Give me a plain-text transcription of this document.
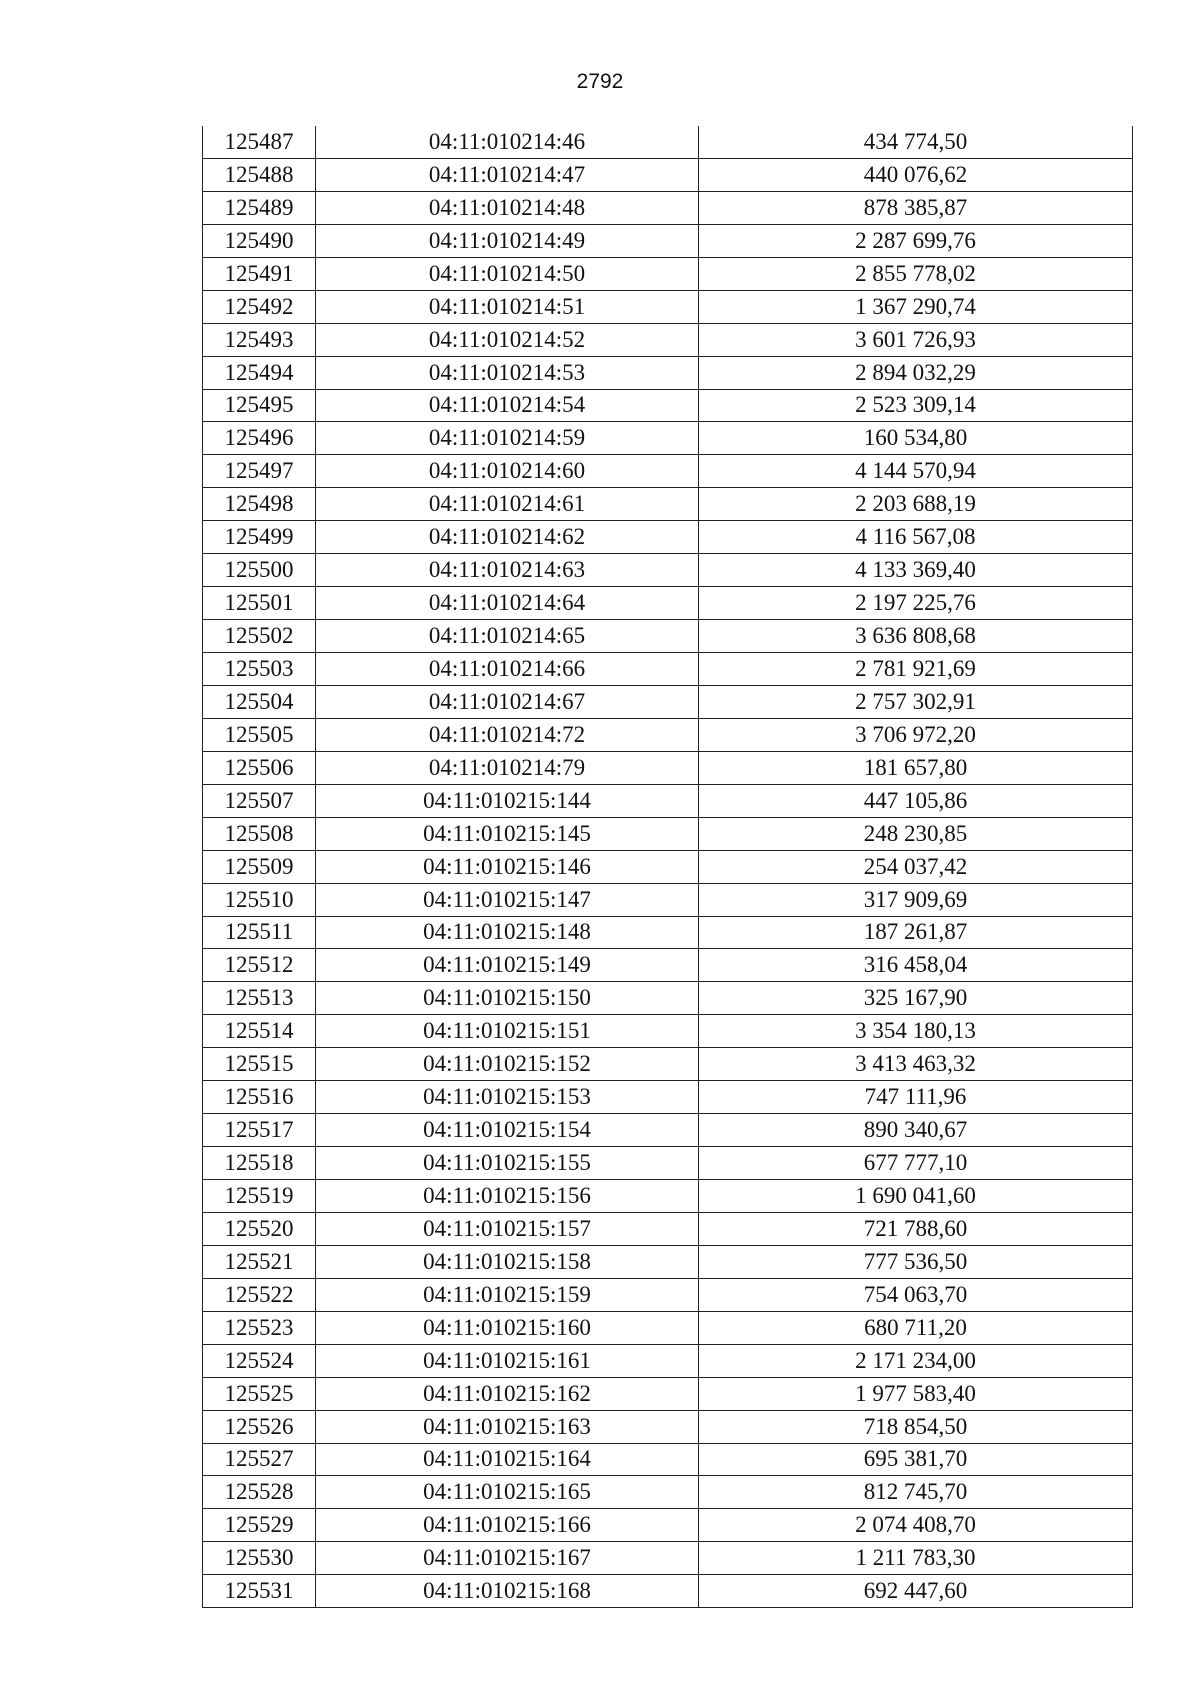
2792
125487	04:11:010214:46	434 774,50
125488	04:11:010214:47	440 076,62
125489	04:11:010214:48	878 385,87
125490	04:11:010214:49	2 287 699,76
125491	04:11:010214:50	2 855 778,02
125492	04:11:010214:51	1 367 290,74
125493	04:11:010214:52	3 601 726,93
125494	04:11:010214:53	2 894 032,29
125495	04:11:010214:54	2 523 309,14
125496	04:11:010214:59	160 534,80
125497	04:11:010214:60	4 144 570,94
125498	04:11:010214:61	2 203 688,19
125499	04:11:010214:62	4 116 567,08
125500	04:11:010214:63	4 133 369,40
125501	04:11:010214:64	2 197 225,76
125502	04:11:010214:65	3 636 808,68
125503	04:11:010214:66	2 781 921,69
125504	04:11:010214:67	2 757 302,91
125505	04:11:010214:72	3 706 972,20
125506	04:11:010214:79	181 657,80
125507	04:11:010215:144	447 105,86
125508	04:11:010215:145	248 230,85
125509	04:11:010215:146	254 037,42
125510	04:11:010215:147	317 909,69
125511	04:11:010215:148	187 261,87
125512	04:11:010215:149	316 458,04
125513	04:11:010215:150	325 167,90
125514	04:11:010215:151	3 354 180,13
125515	04:11:010215:152	3 413 463,32
125516	04:11:010215:153	747 111,96
125517	04:11:010215:154	890 340,67
125518	04:11:010215:155	677 777,10
125519	04:11:010215:156	1 690 041,60
125520	04:11:010215:157	721 788,60
125521	04:11:010215:158	777 536,50
125522	04:11:010215:159	754 063,70
125523	04:11:010215:160	680 711,20
125524	04:11:010215:161	2 171 234,00
125525	04:11:010215:162	1 977 583,40
125526	04:11:010215:163	718 854,50
125527	04:11:010215:164	695 381,70
125528	04:11:010215:165	812 745,70
125529	04:11:010215:166	2 074 408,70
125530	04:11:010215:167	1 211 783,30
125531	04:11:010215:168	692 447,60
